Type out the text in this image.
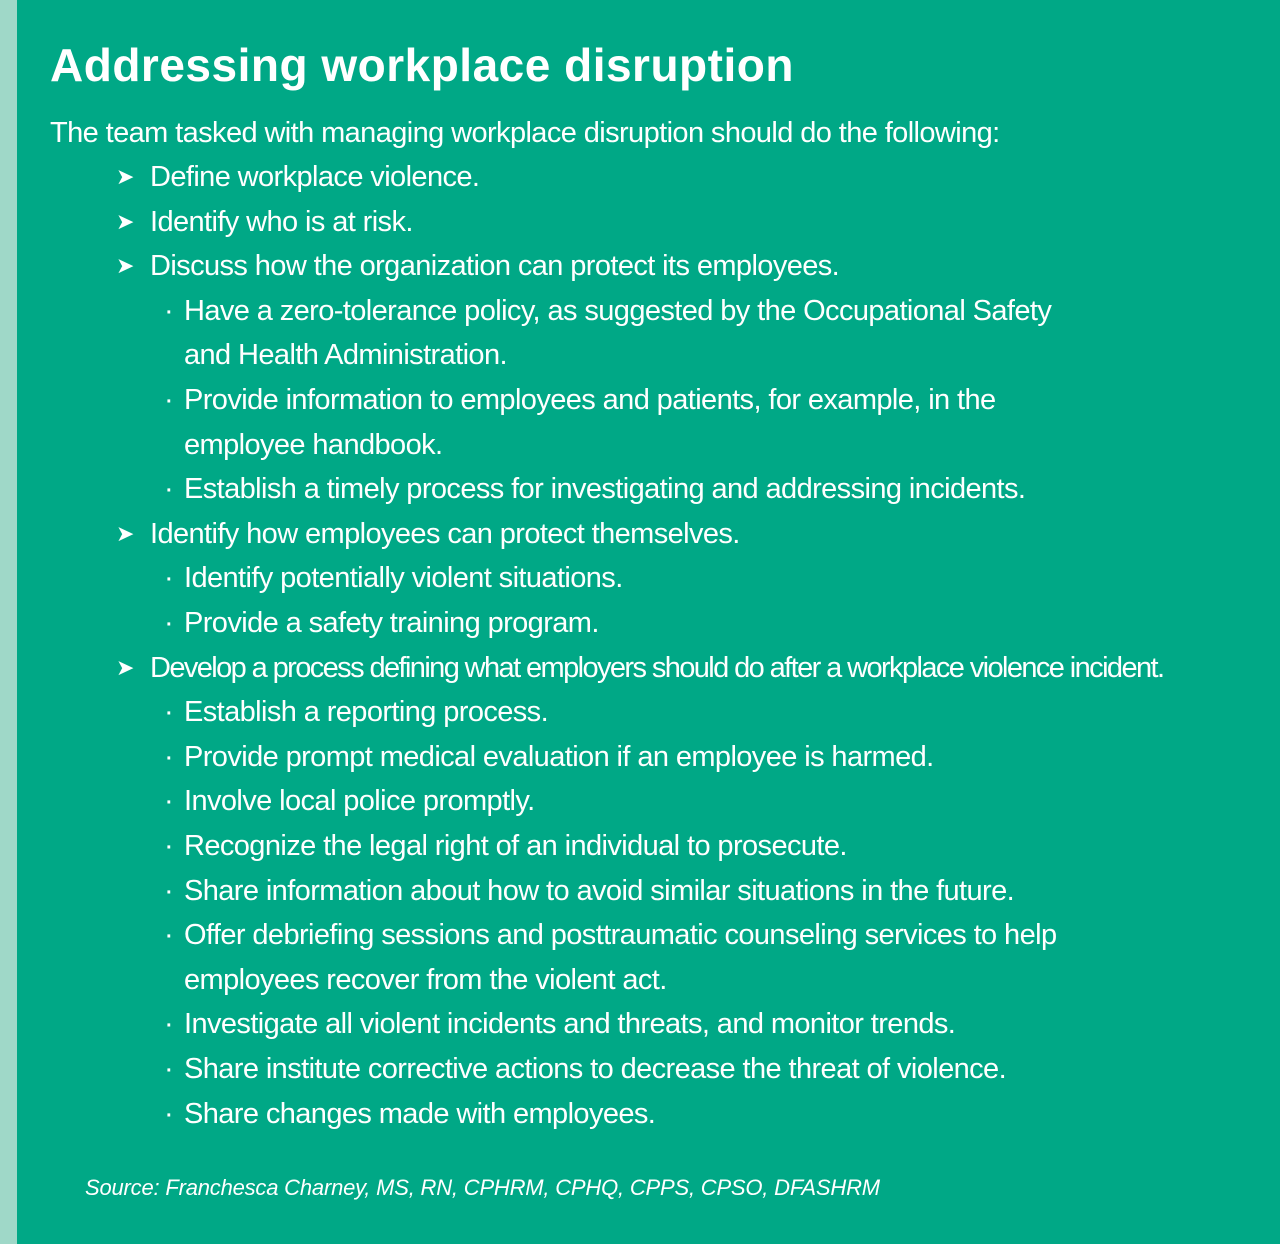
Addressing workplace disruption
The team tasked with managing workplace disruption should do the following:
➤ Define workplace violence.
➤ Identify who is at risk.
➤ Discuss how the organization can protect its employees.
· Have a zero-tolerance policy, as suggested by the Occupational Safety
and Health Administration.
· Provide information to employees and patients, for example, in the
employee handbook.
· Establish a timely process for investigating and addressing incidents.
➤ Identify how employees can protect themselves.
· Identify potentially violent situations.
· Provide a safety training program.
➤ Develop a process defining what employers should do after a workplace violence incident.
· Establish a reporting process.
· Provide prompt medical evaluation if an employee is harmed.
· Involve local police promptly.
· Recognize the legal right of an individual to prosecute.
· Share information about how to avoid similar situations in the future.
· Offer debriefing sessions and posttraumatic counseling services to help
employees recover from the violent act.
· Investigate all violent incidents and threats, and monitor trends.
· Share institute corrective actions to decrease the threat of violence.
· Share changes made with employees.
Source: Franchesca Charney, MS, RN, CPHRM, CPHQ, CPPS, CPSO, DFASHRM
